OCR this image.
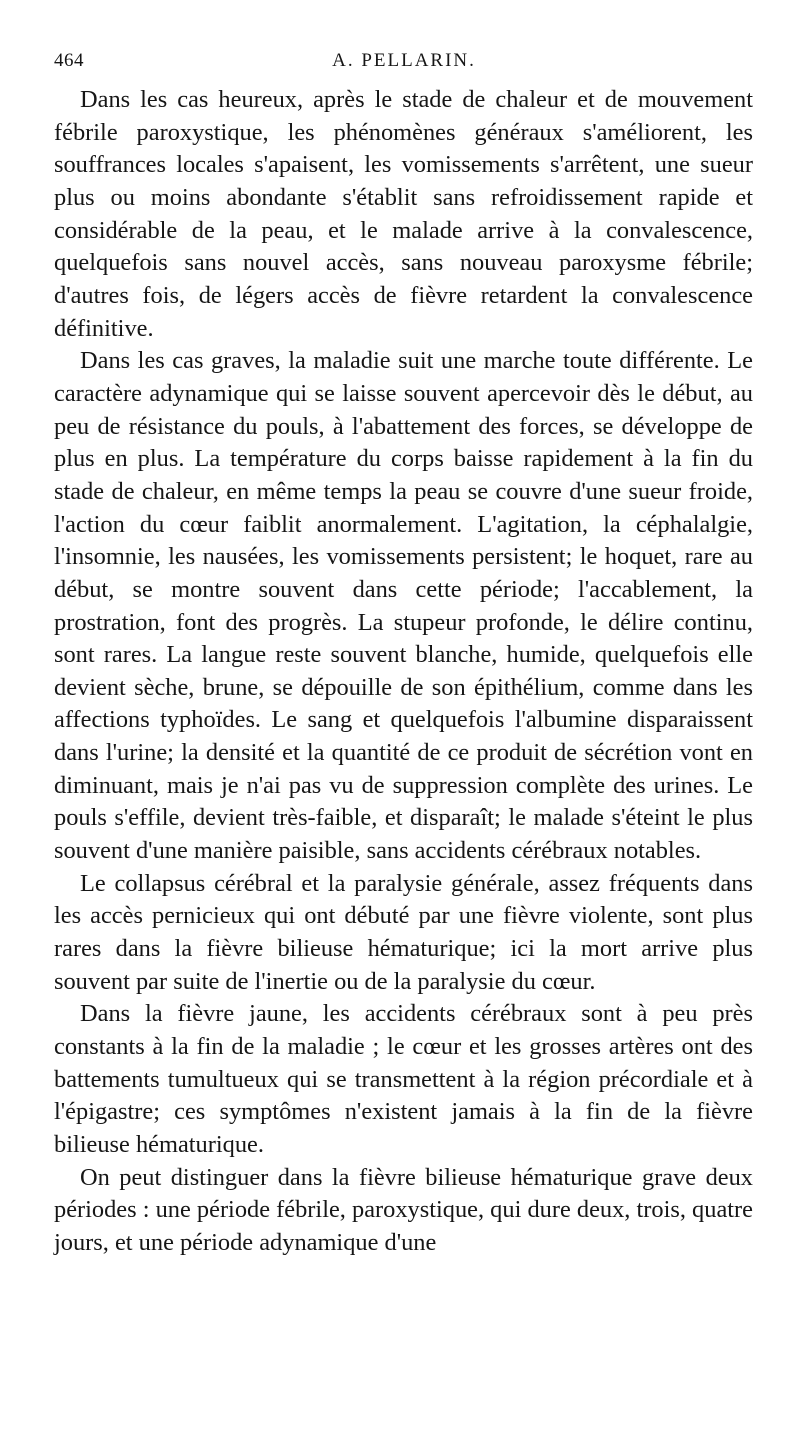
464	A. PELLARIN.

Dans les cas heureux, après le stade de chaleur et de mouvement fébrile paroxystique, les phénomènes généraux s'améliorent, les souffrances locales s'apaisent, les vomissements s'arrêtent, une sueur plus ou moins abondante s'établit sans refroidissement rapide et considérable de la peau, et le malade arrive à la convalescence, quelquefois sans nouvel accès, sans nouveau paroxysme fébrile; d'autres fois, de légers accès de fièvre retardent la convalescence définitive.

Dans les cas graves, la maladie suit une marche toute différente. Le caractère adynamique qui se laisse souvent apercevoir dès le début, au peu de résistance du pouls, à l'abattement des forces, se développe de plus en plus. La température du corps baisse rapidement à la fin du stade de chaleur, en même temps la peau se couvre d'une sueur froide, l'action du cœur faiblit anormalement. L'agitation, la céphalalgie, l'insomnie, les nausées, les vomissements persistent; le hoquet, rare au début, se montre souvent dans cette période; l'accablement, la prostration, font des progrès. La stupeur profonde, le délire continu, sont rares. La langue reste souvent blanche, humide, quelquefois elle devient sèche, brune, se dépouille de son épithélium, comme dans les affections typhoïdes. Le sang et quelquefois l'albumine disparaissent dans l'urine; la densité et la quantité de ce produit de sécrétion vont en diminuant, mais je n'ai pas vu de suppression complète des urines. Le pouls s'effile, devient très-faible, et disparaît; le malade s'éteint le plus souvent d'une manière paisible, sans accidents cérébraux notables.

Le collapsus cérébral et la paralysie générale, assez fréquents dans les accès pernicieux qui ont débuté par une fièvre violente, sont plus rares dans la fièvre bilieuse hématurique; ici la mort arrive plus souvent par suite de l'inertie ou de la paralysie du cœur.

Dans la fièvre jaune, les accidents cérébraux sont à peu près constants à la fin de la maladie ; le cœur et les grosses artères ont des battements tumultueux qui se transmettent à la région précordiale et à l'épigastre; ces symptômes n'existent jamais à la fin de la fièvre bilieuse hématurique.

On peut distinguer dans la fièvre bilieuse hématurique grave deux périodes : une période fébrile, paroxystique, qui dure deux, trois, quatre jours, et une période adynamique d'une
